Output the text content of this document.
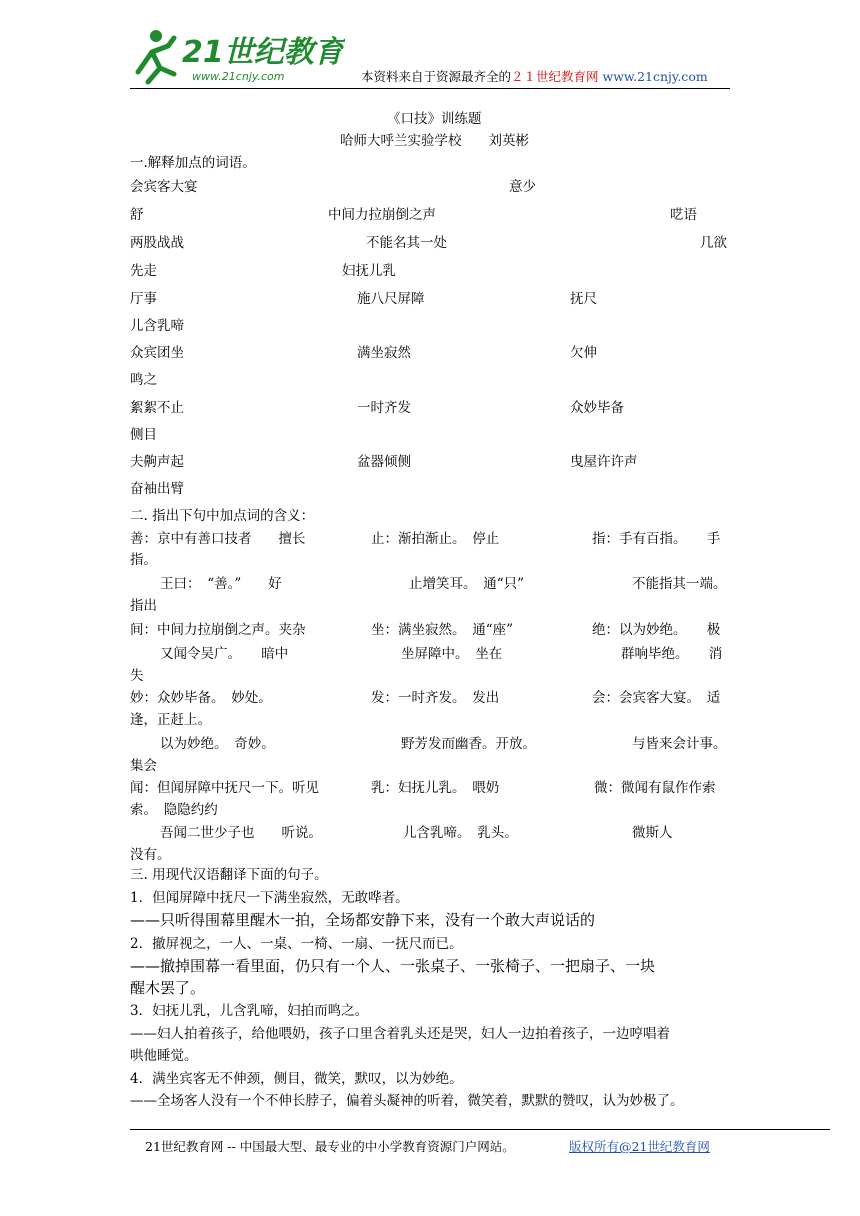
21世纪教育
www.21cnjy.com	本资料来自于资源最齐全的２１世纪教育网 www.21cnjy.com
《口技》训练题
哈师大呼兰实验学校　　刘英彬
一.解释加点的词语。
会宾客大宴	意少
舒	中间力拉崩倒之声	呓语
两股战战	不能名其一处	几欲
先走	妇抚儿乳
厅事	施八尺屏障	抚尺
儿含乳啼
众宾团坐	满坐寂然	欠伸
鸣之
絮絮不止	一时齐发	众妙毕备
侧目
夫齁声起	盆器倾侧	曳屋许许声
奋袖出臂
二. 指出下句中加点词的含义：
善：京中有善口技者　　擅长	止：渐拍渐止。　停止	指：手有百指。　　手
指。
王曰：　“善。”　　好	止增笑耳。　通“只”	不能指其一端。
指出
间：中间力拉崩倒之声。夹杂	坐：满坐寂然。　通“座”	绝：以为妙绝。　　极
又闻令吴广。　　暗中	坐屏障中。　坐在	群响毕绝。　　消
失
妙：众妙毕备。　妙处。	发：一时齐发。　发出	会：会宾客大宴。　适
逢，正赶上。
以为妙绝。　奇妙。	野芳发而幽香。开放。	与皆来会计事。
集会
闻：但闻屏障中抚尺一下。听见	乳：妇抚儿乳。　喂奶	微：微闻有鼠作作索
索。　隐隐约约
吾闻二世少子也　　听说。	儿含乳啼。　乳头。	微斯人
没有。
三. 用现代汉语翻译下面的句子。
1．但闻屏障中抚尺一下满坐寂然，无敢哗者。
——只听得围幕里醒木一拍，全场都安静下来，没有一个敢大声说话的
2．撤屏视之，一人、一桌、一椅、一扇、一抚尺而已。
——撤掉围幕一看里面，仍只有一个人、一张桌子、一张椅子、一把扇子、一块
醒木罢了。
3．妇抚儿乳，儿含乳啼，妇拍而鸣之。
——妇人拍着孩子，给他喂奶，孩子口里含着乳头还是哭，妇人一边拍着孩子，一边哼唱着
哄他睡觉。
4．满坐宾客无不伸颈，侧目，微笑，默叹，以为妙绝。
——全场客人没有一个不伸长脖子，偏着头凝神的听着，微笑着，默默的赞叹，认为妙极了。
21世纪教育网 -- 中国最大型、最专业的中小学教育资源门户网站。	版权所有@21世纪教育网
